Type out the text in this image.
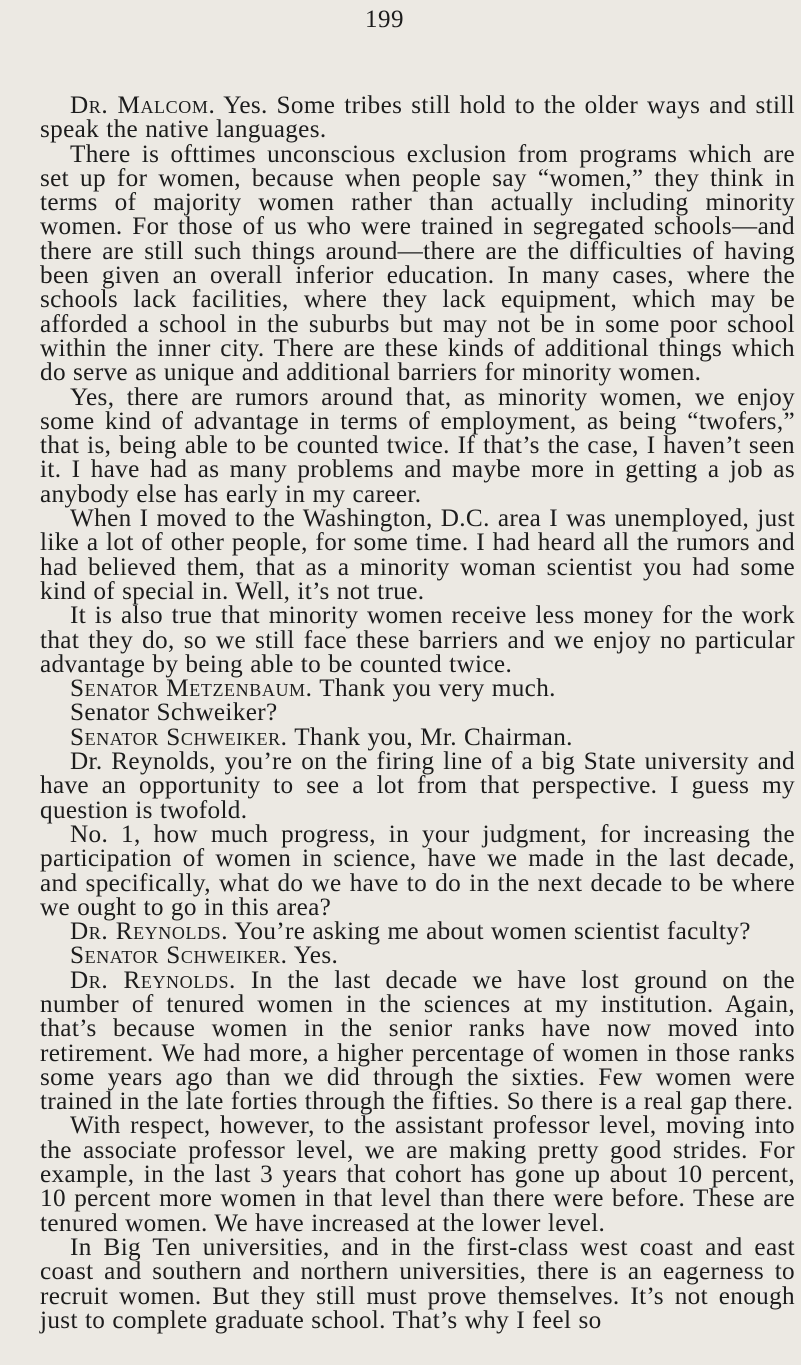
199

Dr. Malcom. Yes. Some tribes still hold to the older ways and still speak the native languages.

There is ofttimes unconscious exclusion from programs which are set up for women, because when people say “women,” they think in terms of majority women rather than actually including minority women. For those of us who were trained in segregated schools—and there are still such things around—there are the difficulties of having been given an overall inferior education. In many cases, where the schools lack facilities, where they lack equipment, which may be afforded a school in the suburbs but may not be in some poor school within the inner city. There are these kinds of additional things which do serve as unique and additional barriers for minority women.

Yes, there are rumors around that, as minority women, we enjoy some kind of advantage in terms of employment, as being “twofers,” that is, being able to be counted twice. If that’s the case, I haven’t seen it. I have had as many problems and maybe more in getting a job as anybody else has early in my career.

When I moved to the Washington, D.C. area I was unemployed, just like a lot of other people, for some time. I had heard all the rumors and had believed them, that as a minority woman scientist you had some kind of special in. Well, it’s not true.

It is also true that minority women receive less money for the work that they do, so we still face these barriers and we enjoy no particular advantage by being able to be counted twice.

Senator Metzenbaum. Thank you very much.

Senator Schweiker?

Senator Schweiker. Thank you, Mr. Chairman.

Dr. Reynolds, you’re on the firing line of a big State university and have an opportunity to see a lot from that perspective. I guess my question is twofold.

No. 1, how much progress, in your judgment, for increasing the participation of women in science, have we made in the last decade, and specifically, what do we have to do in the next decade to be where we ought to go in this area?

Dr. Reynolds. You’re asking me about women scientist faculty?

Senator Schweiker. Yes.

Dr. Reynolds. In the last decade we have lost ground on the number of tenured women in the sciences at my institution. Again, that’s because women in the senior ranks have now moved into retirement. We had more, a higher percentage of women in those ranks some years ago than we did through the sixties. Few women were trained in the late forties through the fifties. So there is a real gap there.

With respect, however, to the assistant professor level, moving into the associate professor level, we are making pretty good strides. For example, in the last 3 years that cohort has gone up about 10 percent, 10 percent more women in that level than there were before. These are tenured women. We have increased at the lower level.

In Big Ten universities, and in the first-class west coast and east coast and southern and northern universities, there is an eagerness to recruit women. But they still must prove themselves. It’s not enough just to complete graduate school. That’s why I feel so
